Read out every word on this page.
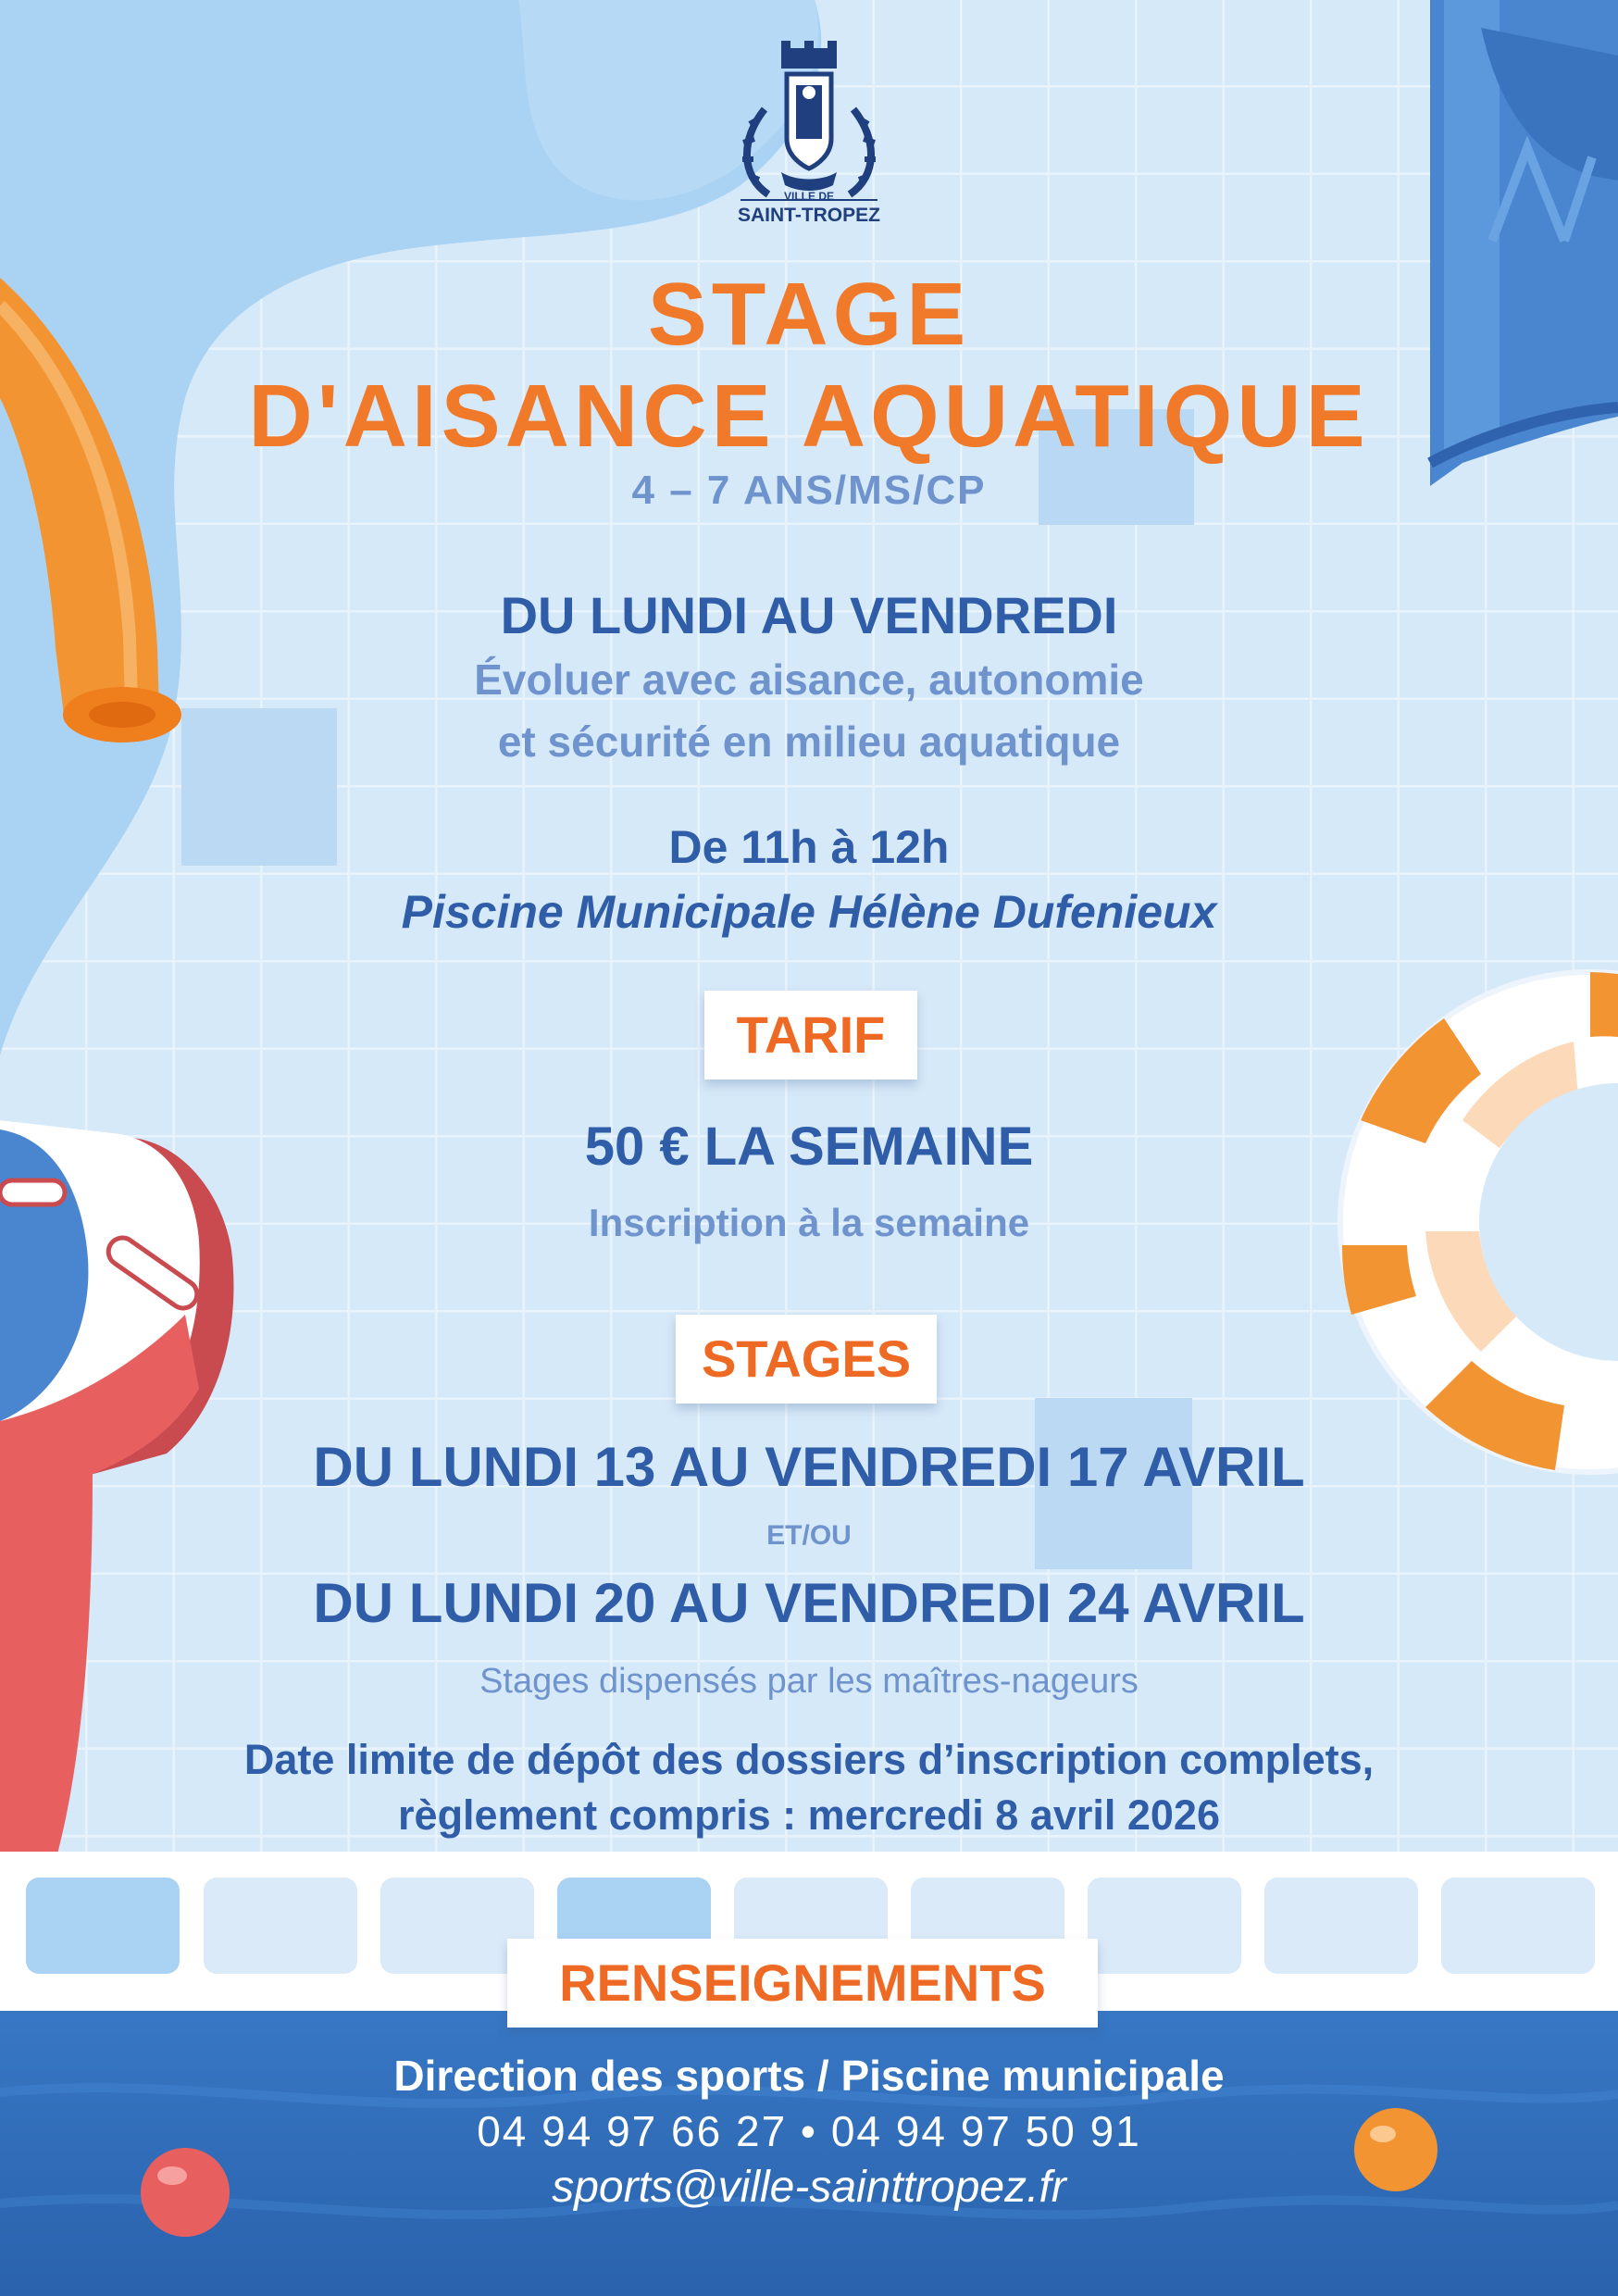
VILLE DE
SAINT-TROPEZ
STAGE
D'AISANCE AQUATIQUE
4 – 7 ANS/MS/CP
DU LUNDI AU VENDREDI
Évoluer avec aisance, autonomie
et sécurité en milieu aquatique
De 11h à 12h
Piscine Municipale Hélène Dufenieux
TARIF
50 € LA SEMAINE
Inscription à la semaine
STAGES
DU LUNDI 13 AU VENDREDI 17 AVRIL
ET/OU
DU LUNDI 20 AU VENDREDI 24 AVRIL
Stages dispensés par les maîtres-nageurs
Date limite de dépôt des dossiers d’inscription complets,
règlement compris : mercredi 8 avril 2026
RENSEIGNEMENTS
Direction des sports / Piscine municipale
04 94 97 66 27 • 04 94 97 50 91
sports@ville-sainttropez.fr
